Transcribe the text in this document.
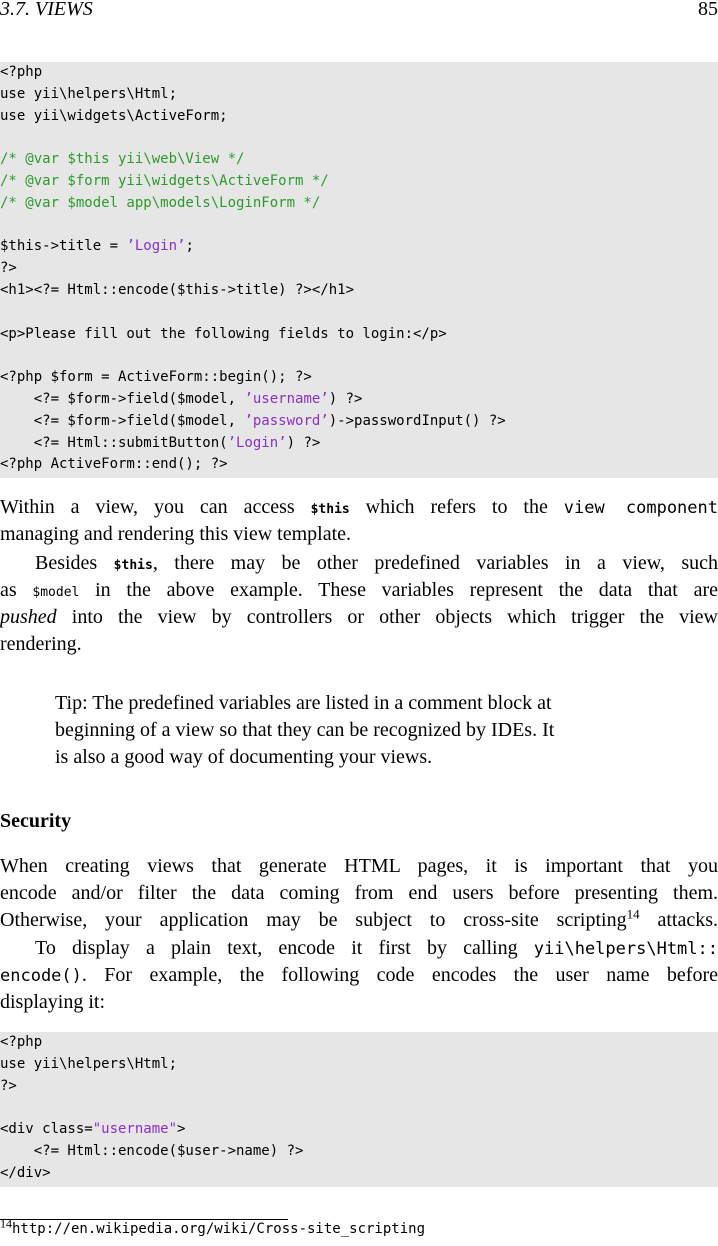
3.7. VIEWS	85
<?php
use yii\helpers\Html;
use yii\widgets\ActiveForm;
/* @var $this yii\web\View */
/* @var $form yii\widgets\ActiveForm */
/* @var $model app\models\LoginForm */
$this->title = ’Login’;
?>
<h1><?= Html::encode($this->title) ?></h1>
<p>Please fill out the following fields to login:</p>
<?php $form = ActiveForm::begin(); ?>
<?= $form->field($model, ’username’) ?>
<?= $form->field($model, ’password’)->passwordInput() ?>
<?= Html::submitButton(’Login’) ?>
<?php ActiveForm::end(); ?>
Within a view, you can access $this which refers to the view component
managing and rendering this view template.
Besides $this, there may be other predefined variables in a view, such
as $model in the above example. These variables represent the data that are
pushed into the view by controllers or other objects which trigger the view
rendering.
Tip: The predefined variables are listed in a comment block at
beginning of a view so that they can be recognized by IDEs. It
is also a good way of documenting your views.
Security
When creating views that generate HTML pages, it is important that you
encode and/or filter the data coming from end users before presenting them.
Otherwise, your application may be subject to cross-site scripting$^{14}$ attacks.
To display a plain text, encode it first by calling yii\helpers\Html::
encode(). For example, the following code encodes the user name before
displaying it:
<?php
use yii\helpers\Html;
?>
<div class="username">
<?= Html::encode($user->name) ?>
</div>
$^{14}$http://en.wikipedia.org/wiki/Cross-site_scripting
